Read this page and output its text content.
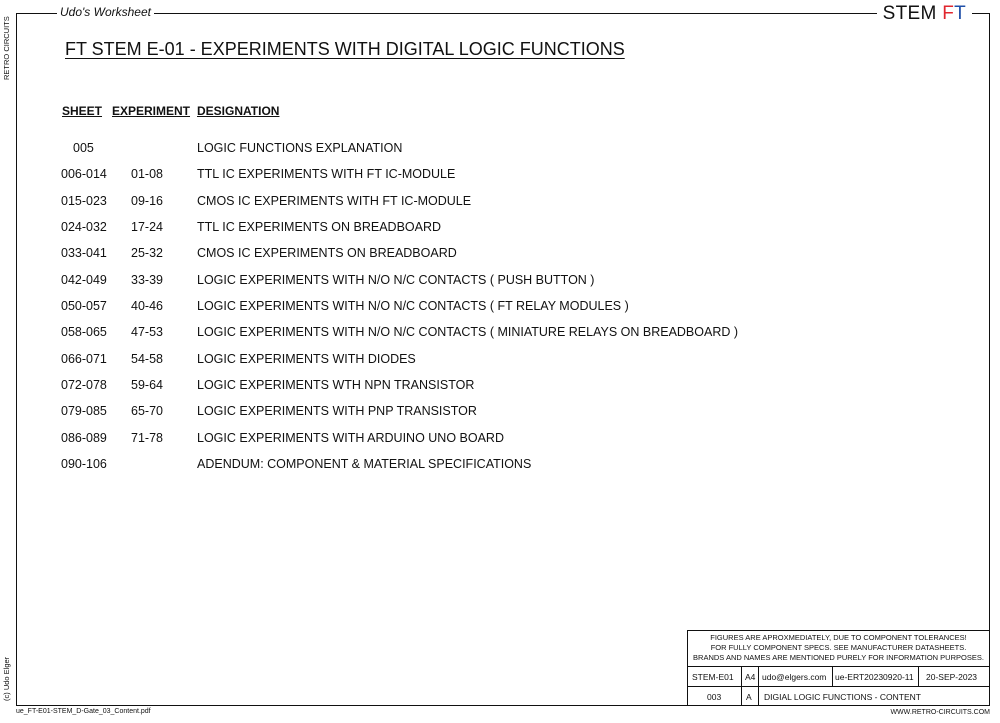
Udo's Worksheet	STEM FT
RETRO CIRCUITS
(c) Udo Elger
FT STEM E-01 - EXPERIMENTS WITH DIGITAL LOGIC FUNCTIONS
SHEET EXPERIMENT DESIGNATION
005	LOGIC FUNCTIONS EXPLANATION
006-014 01-08	TTL IC EXPERIMENTS WITH FT IC-MODULE
015-023 09-16	CMOS IC EXPERIMENTS WITH FT IC-MODULE
024-032 17-24	TTL IC EXPERIMENTS ON BREADBOARD
033-041 25-32	CMOS IC EXPERIMENTS ON BREADBOARD
042-049 33-39	LOGIC EXPERIMENTS WITH N/O N/C CONTACTS ( PUSH BUTTON )
050-057 40-46	LOGIC EXPERIMENTS WITH N/O N/C CONTACTS ( FT RELAY MODULES )
058-065 47-53	LOGIC EXPERIMENTS WITH N/O N/C CONTACTS ( MINIATURE RELAYS ON BREADBOARD )
066-071 54-58	LOGIC EXPERIMENTS WITH DIODES
072-078 59-64	LOGIC EXPERIMENTS WTH NPN TRANSISTOR
079-085 65-70	LOGIC EXPERIMENTS WITH PNP TRANSISTOR
086-089 71-78	LOGIC EXPERIMENTS WITH ARDUINO UNO BOARD
090-106	ADENDUM: COMPONENT & MATERIAL SPECIFICATIONS
FIGURES ARE APROXMEDIATELY, DUE TO COMPONENT TOLERANCES!
FOR FULLY COMPONENT SPECS. SEE MANUFACTURER DATASHEETS.
BRANDS AND NAMES ARE MENTIONED PURELY FOR INFORMATION PURPOSES.
STEM-E01 A4 udo@elgers.com ue-ERT20230920-11 20-SEP-2023
003	A DIGIAL LOGIC FUNCTIONS - CONTENT
ue_FT-E01-STEM_D-Gate_03_Content.pdf	WWW.RETRO-CIRCUITS.COM
